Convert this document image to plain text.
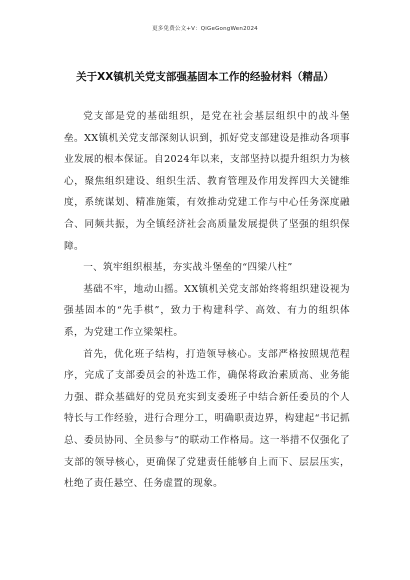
更多免费公文+V：QiGeGongWen2024
关于XX镇机关党支部强基固本工作的经验材料（精品）

党支部是党的基础组织，是党在社会基层组织中的战斗堡垒。XX镇机关党支部深刻认识到，抓好党支部建设是推动各项事业发展的根本保证。自2024年以来，支部坚持以提升组织力为核心，聚焦组织建设、组织生活、教育管理及作用发挥四大关键维度，系统谋划、精准施策，有效推动党建工作与中心任务深度融合、同频共振，为全镇经济社会高质量发展提供了坚强的组织保障。

一、筑牢组织根基，夯实战斗堡垒的“四梁八柱”

基础不牢，地动山摇。XX镇机关党支部始终将组织建设视为强基固本的“先手棋”，致力于构建科学、高效、有力的组织体系，为党建工作立梁架柱。

首先，优化班子结构，打造领导核心。支部严格按照规范程序，完成了支部委员会的补选工作，确保将政治素质高、业务能力强、群众基础好的党员充实到支委班子中结合新任委员的个人特长与工作经验，进行合理分工，明确职责边界，构建起“书记抓总、委员协同、全员参与”的联动工作格局。这一举措不仅强化了支部的领导核心，更确保了党建责任能够自上而下、层层压实，杜绝了责任悬空、任务虚置的现象。
